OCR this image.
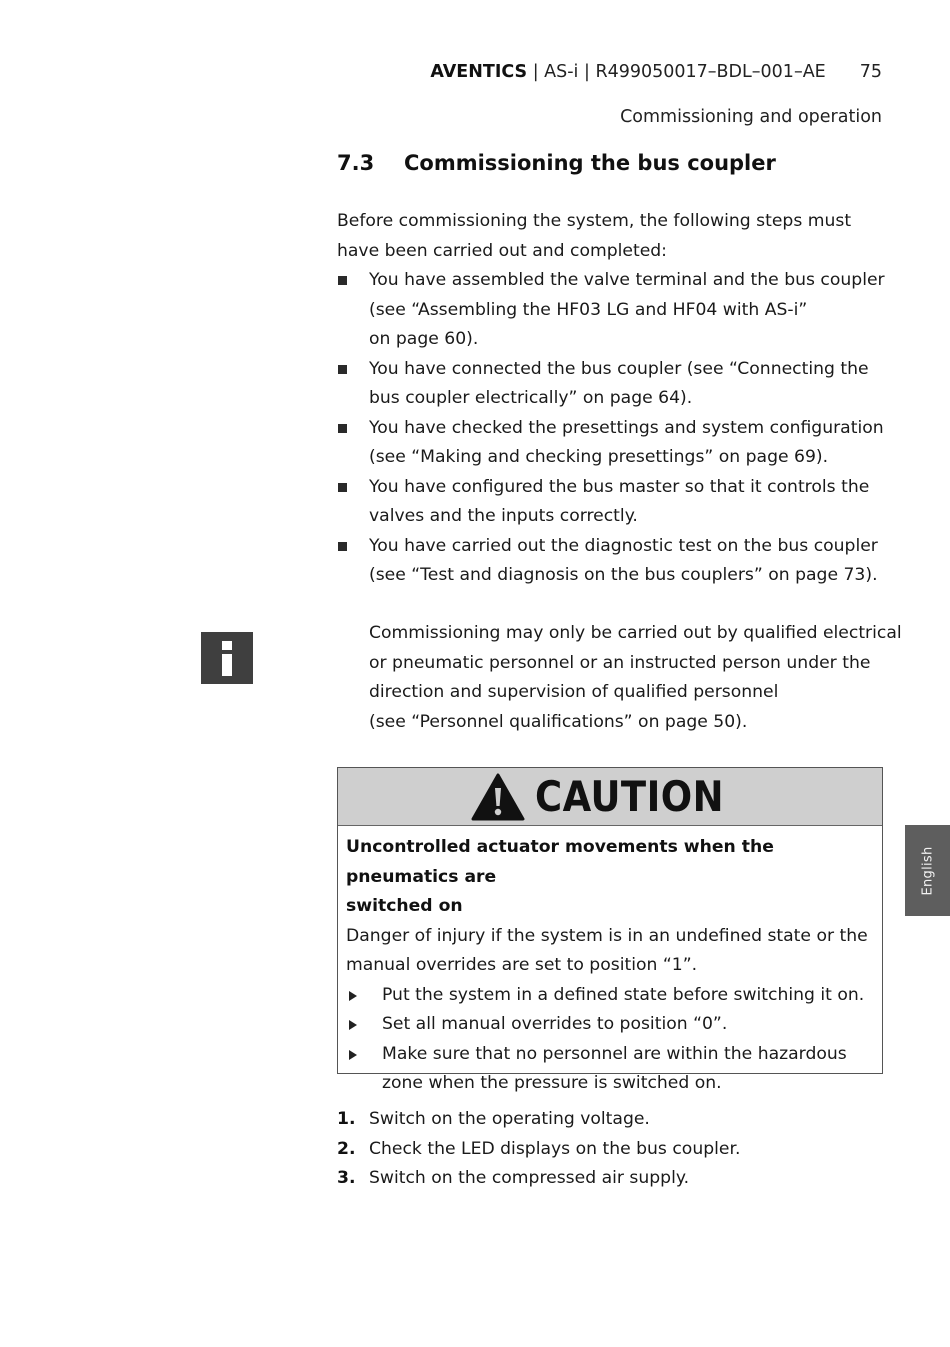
AVENTICS | AS-i | R499050017–BDL–001–AE 75
Commissioning and operation
7.3 Commissioning the bus coupler
Before commissioning the system, the following steps must
have been carried out and completed:
You have assembled the valve terminal and the bus coupler
(see “Assembling the HF03 LG and HF04 with AS-i”
on page 60).
You have connected the bus coupler (see “Connecting the
bus coupler electrically” on page 64).
You have checked the presettings and system configuration
(see “Making and checking presettings” on page 69).
You have configured the bus master so that it controls the
valves and the inputs correctly.
You have carried out the diagnostic test on the bus coupler
(see “Test and diagnosis on the bus couplers” on page 73).
Commissioning may only be carried out by qualified electrical
or pneumatic personnel or an instructed person under the
direction and supervision of qualified personnel
(see “Personnel qualifications” on page 50).
CAUTION
Uncontrolled actuator movements when the pneumatics are
switched on
Danger of injury if the system is in an undefined state or the
manual overrides are set to position “1”.
Put the system in a defined state before switching it on.
Set all manual overrides to position “0”.
Make sure that no personnel are within the hazardous
zone when the pressure is switched on.
1. Switch on the operating voltage.
2. Check the LED displays on the bus coupler.
3. Switch on the compressed air supply.
English
